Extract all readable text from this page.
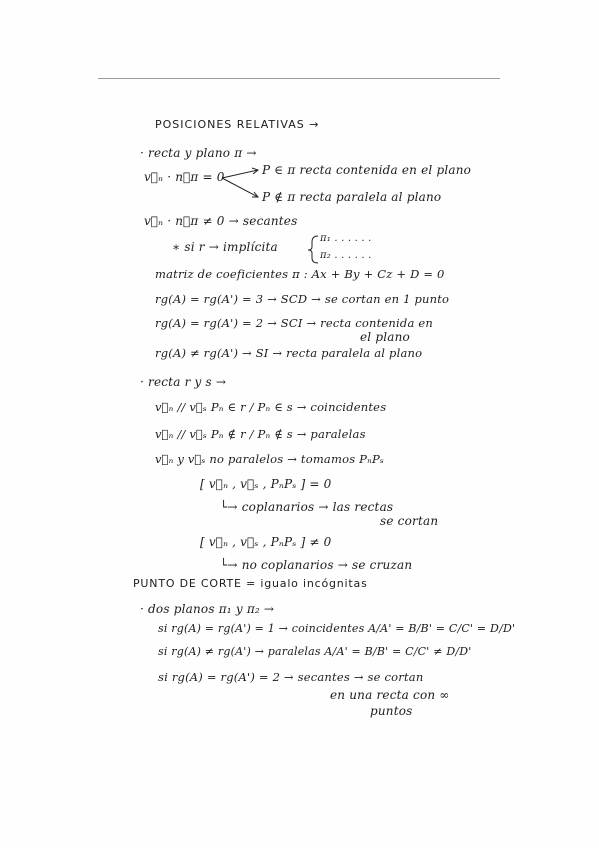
POSICIONES RELATIVAS →
· recta y plano π →
v⃗ₙ · n⃗π = 0	P ∈ π recta contenida en el plano
P ∉ π recta paralela al plano
v⃗ₙ · n⃗π ≠ 0 → secantes
∗ si r → implícita
π₁ . . . . . .
π₂ . . . . . .
matriz de coeficientes π : Ax + By + Cz + D = 0
rg(A) = rg(A') = 3 → SCD → se cortan en 1 punto
rg(A) = rg(A') = 2 → SCI → recta contenida en
el plano
rg(A) ≠ rg(A') → SI → recta paralela al plano
· recta r y s →
v⃗ₙ // v⃗ₛ Pₙ ∈ r / Pₙ ∈ s → coincidentes
v⃗ₙ // v⃗ₛ Pₙ ∉ r / Pₙ ∉ s → paralelas
v⃗ₙ y v⃗ₛ no paralelos → tomamos PₙPₛ
[ v⃗ₙ , v⃗ₛ , PₙPₛ ] = 0
└→ coplanarios → las rectas
se cortan
[ v⃗ₙ , v⃗ₛ , PₙPₛ ] ≠ 0
└→ no coplanarios → se cruzan
PUNTO DE CORTE = igualo incógnitas
· dos planos π₁ y π₂ →
si rg(A) = rg(A') = 1 → coincidentes A/A' = B/B' = C/C' = D/D'
si rg(A) ≠ rg(A') → paralelas A/A' = B/B' = C/C' ≠ D/D'
si rg(A) = rg(A') = 2 → secantes → se cortan
en una recta con ∞
puntos
